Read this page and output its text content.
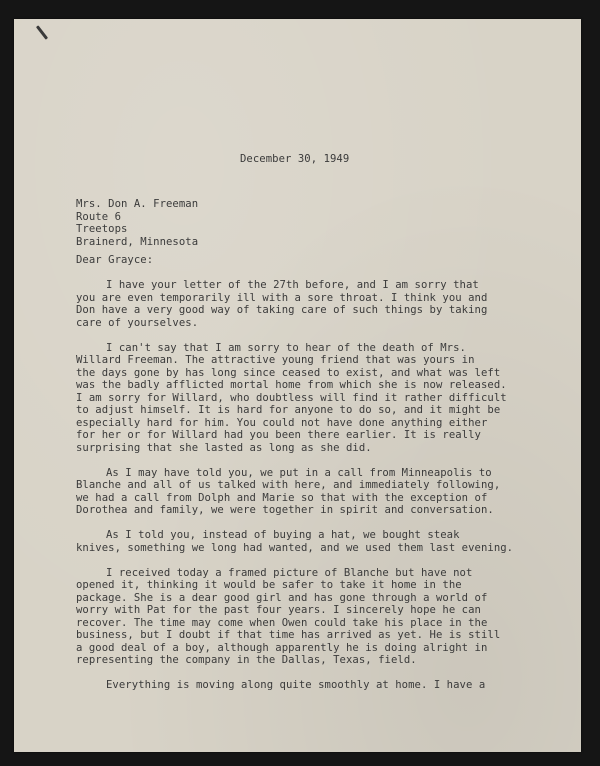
December 30, 1949
Mrs. Don A. Freeman
Route 6
Treetops
Brainerd, Minnesota
Dear Grayce:

I have your letter of the 27th before, and I am sorry that
you are even temporarily ill with a sore throat. I think you and
Don have a very good way of taking care of such things by taking
care of yourselves.

I can't say that I am sorry to hear of the death of Mrs.
Willard Freeman. The attractive young friend that was yours in
the days gone by has long since ceased to exist, and what was left
was the badly afflicted mortal home from which she is now released.
I am sorry for Willard, who doubtless will find it rather difficult
to adjust himself. It is hard for anyone to do so, and it might be
especially hard for him. You could not have done anything either
for her or for Willard had you been there earlier. It is really
surprising that she lasted as long as she did.

As I may have told you, we put in a call from Minneapolis to
Blanche and all of us talked with here, and immediately following,
we had a call from Dolph and Marie so that with the exception of
Dorothea and family, we were together in spirit and conversation.

As I told you, instead of buying a hat, we bought steak
knives, something we long had wanted, and we used them last evening.

I received today a framed picture of Blanche but have not
opened it, thinking it would be safer to take it home in the
package. She is a dear good girl and has gone through a world of
worry with Pat for the past four years. I sincerely hope he can
recover. The time may come when Owen could take his place in the
business, but I doubt if that time has arrived as yet. He is still
a good deal of a boy, although apparently he is doing alright in
representing the company in the Dallas, Texas, field.

Everything is moving along quite smoothly at home. I have a
